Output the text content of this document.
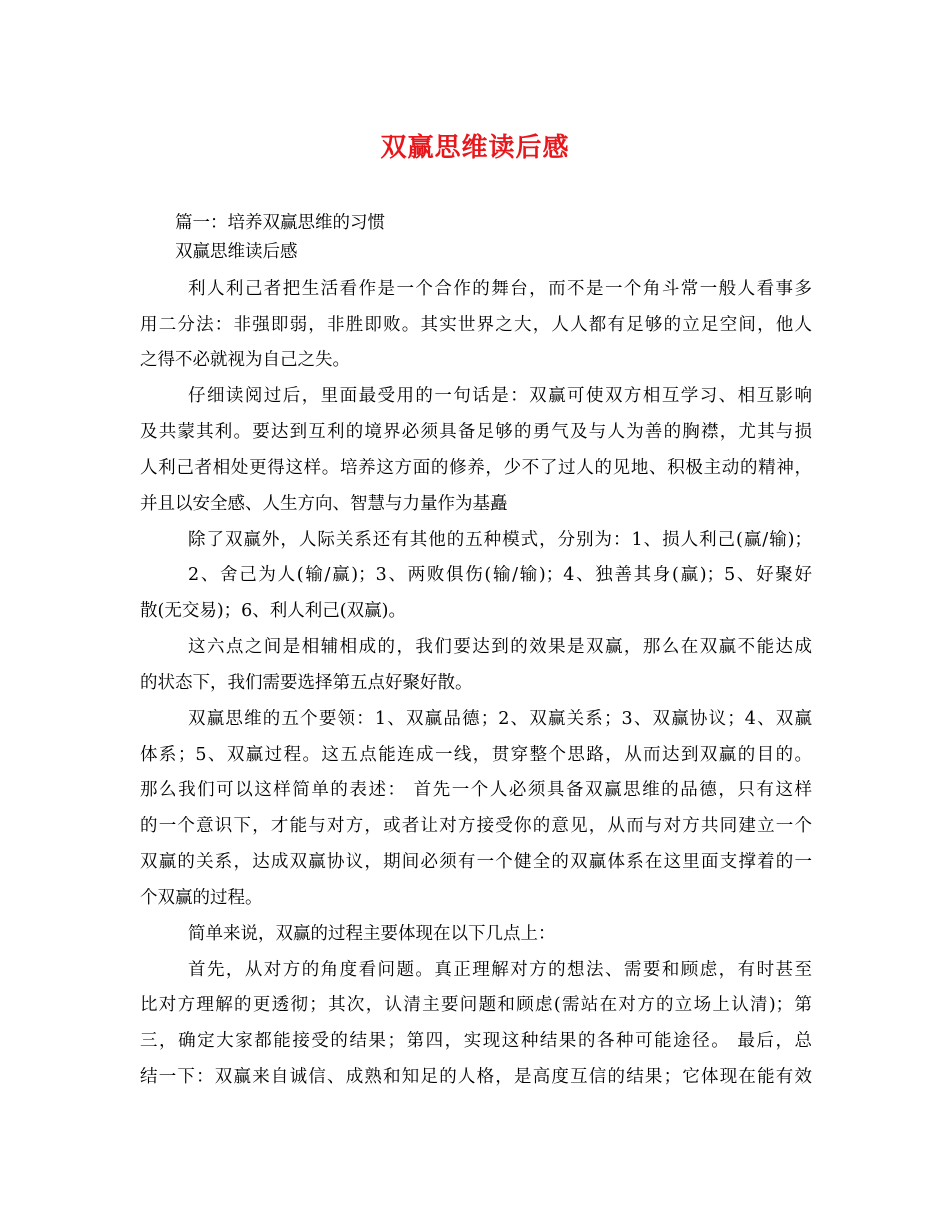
双赢思维读后感
篇一：培养双赢思维的习惯
双赢思维读后感
利人利己者把生活看作是一个合作的舞台，而不是一个角斗常一般人看事多
用二分法：非强即弱，非胜即败。其实世界之大，人人都有足够的立足空间，他人
之得不必就视为自己之失。
仔细读阅过后，里面最受用的一句话是：双赢可使双方相互学习、相互影响
及共蒙其利。要达到互利的境界必须具备足够的勇气及与人为善的胸襟，尤其与损
人利己者相处更得这样。培养这方面的修养，少不了过人的见地、积极主动的精神，
并且以安全感、人生方向、智慧与力量作为基矗
除了双赢外，人际关系还有其他的五种模式，分别为：1、损人利己(赢/输)；
2、舍己为人(输/赢)；3、两败俱伤(输/输)；4、独善其身(赢)；5、好聚好
散(无交易)；6、利人利己(双赢)。
这六点之间是相辅相成的，我们要达到的效果是双赢，那么在双赢不能达成
的状态下，我们需要选择第五点好聚好散。
双赢思维的五个要领：1、双赢品德；2、双赢关系；3、双赢协议；4、双赢
体系；5、双赢过程。这五点能连成一线，贯穿整个思路，从而达到双赢的目的。
那么我们可以这样简单的表述： 首先一个人必须具备双赢思维的品德，只有这样
的一个意识下，才能与对方，或者让对方接受你的意见，从而与对方共同建立一个
双赢的关系，达成双赢协议，期间必须有一个健全的双赢体系在这里面支撑着的一
个双赢的过程。
简单来说，双赢的过程主要体现在以下几点上：
首先，从对方的角度看问题。真正理解对方的想法、需要和顾虑，有时甚至
比对方理解的更透彻；其次，认清主要问题和顾虑(需站在对方的立场上认清)；第
三，确定大家都能接受的结果；第四，实现这种结果的各种可能途径。 最后，总
结一下：双赢来自诚信、成熟和知足的人格，是高度互信的结果；它体现在能有效
